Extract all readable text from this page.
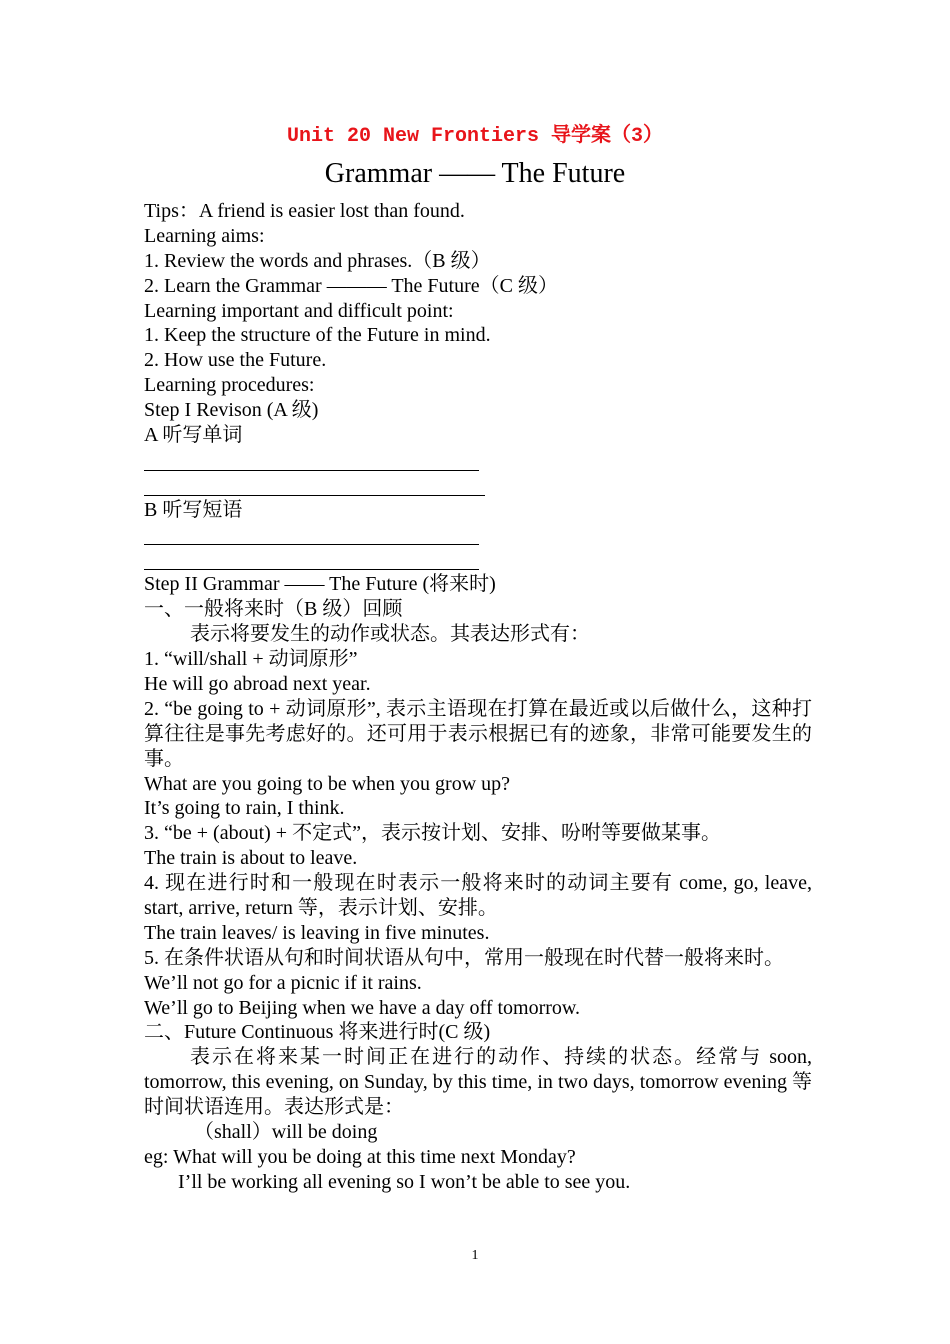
Unit 20 New Frontiers 导学案（3）
Grammar —— The Future
Tips：A friend is easier lost than found.
Learning aims:
1. Review the words and phrases.（B 级）
2. Learn the Grammar ——— The Future（C 级）
Learning important and difficult point:
1. Keep the structure of the Future in mind.
2. How use the Future.
Learning procedures:
Step I Revison (A 级)
A 听写单词
B 听写短语
Step II Grammar —— The Future (将来时)
一、一般将来时（B 级）回顾
表示将要发生的动作或状态。其表达形式有：
1. “will/shall + 动词原形”
He will go abroad next year.
2. “be going to + 动词原形”, 表示主语现在打算在最近或以后做什么，这种打算往往是事先考虑好的。还可用于表示根据已有的迹象，非常可能要发生的事。
What are you going to be when you grow up?
It’s going to rain, I think.
3. “be + (about) + 不定式”，表示按计划、安排、吩咐等要做某事。
The train is about to leave.
4. 现在进行时和一般现在时表示一般将来时的动词主要有 come, go, leave, start, arrive, return 等，表示计划、安排。
The train leaves/ is leaving in five minutes.
5. 在条件状语从句和时间状语从句中，常用一般现在时代替一般将来时。
We’ll not go for a picnic if it rains.
We’ll go to Beijing when we have a day off tomorrow.
二、Future Continuous 将来进行时(C 级)
表示在将来某一时间正在进行的动作、持续的状态。经常与 soon, tomorrow, this evening, on Sunday, by this time, in two days, tomorrow evening 等时间状语连用。表达形式是：
（shall）will be doing
eg: What will you be doing at this time next Monday?
I’ll be working all evening so I won’t be able to see you.
1
